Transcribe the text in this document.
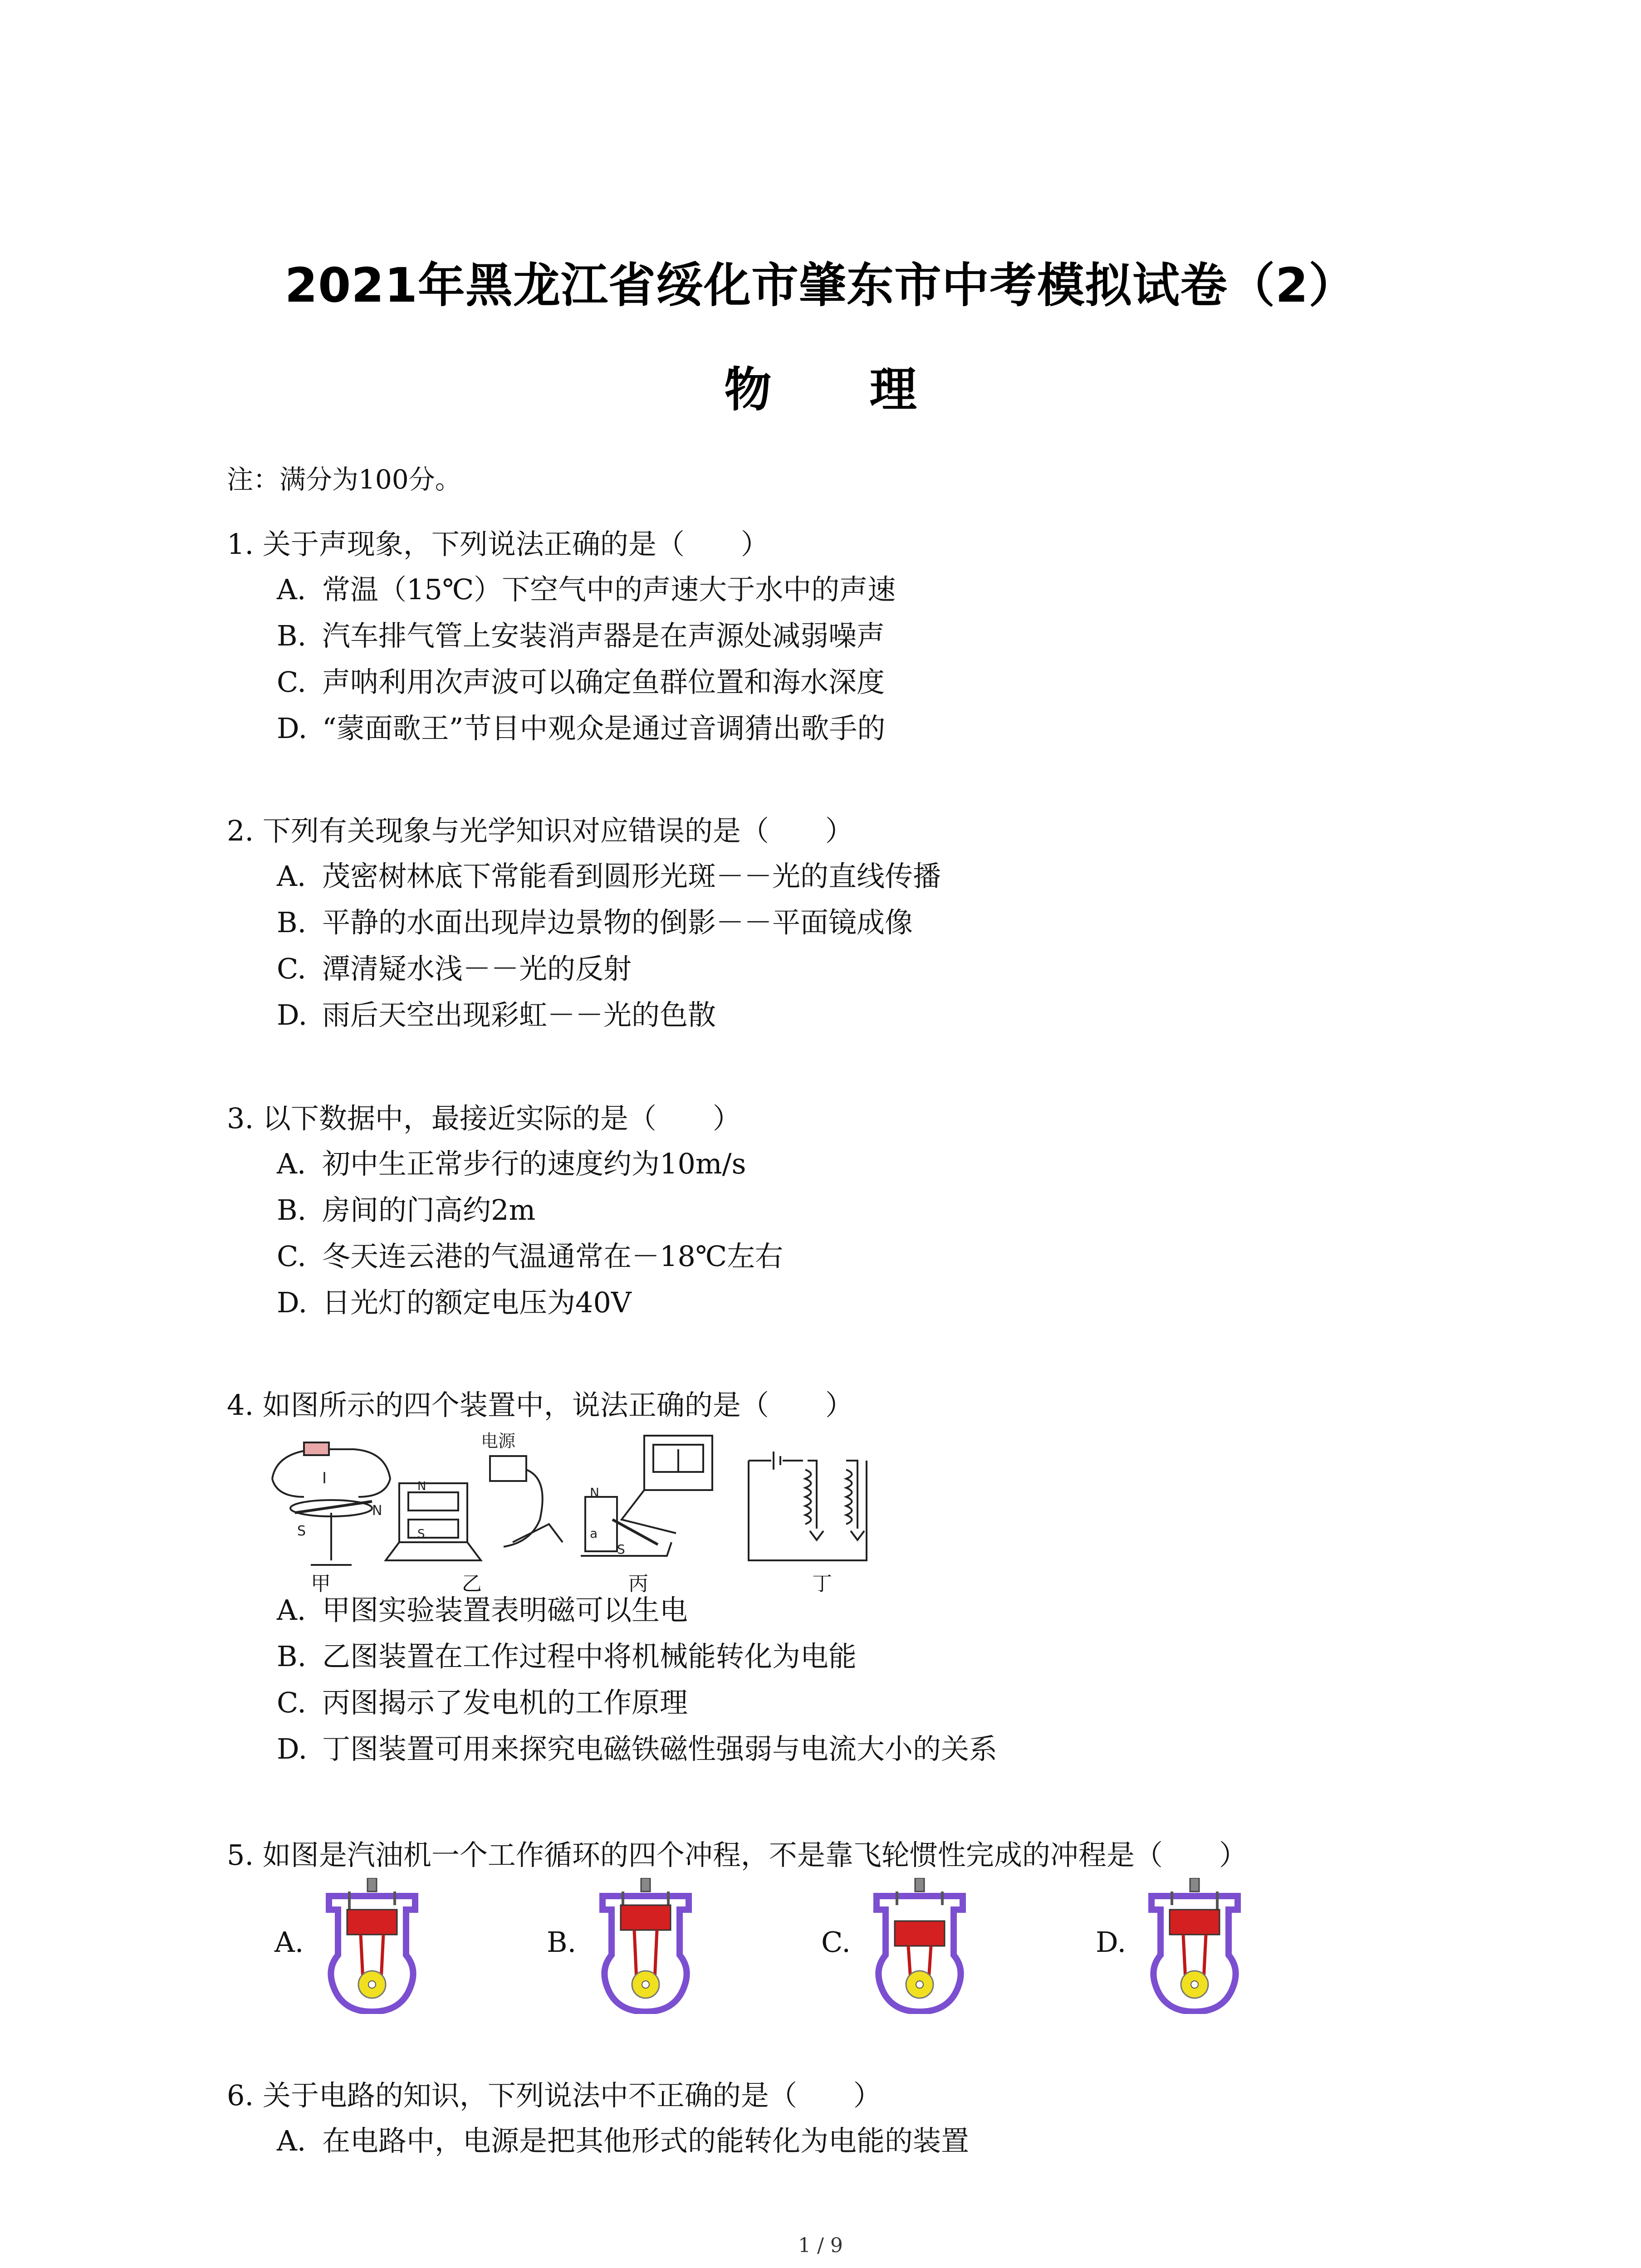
2021年黑龙江省绥化市肇东市中考模拟试卷（2）
物 理
注：满分为100分。
1. 关于声现象，下列说法正确的是（　　）
A. 常温（15℃）下空气中的声速大于水中的声速
B. 汽车排气管上安装消声器是在声源处减弱噪声
C. 声呐利用次声波可以确定鱼群位置和海水深度
D. “蒙面歌王”节目中观众是通过音调猜出歌手的
2. 下列有关现象与光学知识对应错误的是（　　）
A. 茂密树林底下常能看到圆形光斑－－光的直线传播
B. 平静的水面出现岸边景物的倒影－－平面镜成像
C. 潭清疑水浅－－光的反射
D. 雨后天空出现彩虹－－光的色散
3. 以下数据中，最接近实际的是（　　）
A. 初中生正常步行的速度约为10m/s
B. 房间的门高约2m
C. 冬天连云港的气温通常在－18℃左右
D. 日光灯的额定电压为40V
4. 如图所示的四个装置中，说法正确的是（　　）
I
N
S
电源
N
S
N
a
S
甲	乙	丙	丁
A. 甲图实验装置表明磁可以生电
B. 乙图装置在工作过程中将机械能转化为电能
C. 丙图揭示了发电机的工作原理
D. 丁图装置可用来探究电磁铁磁性强弱与电流大小的关系
5. 如图是汽油机一个工作循环的四个冲程，不是靠飞轮惯性完成的冲程是（　　）
A.	B.	C.	D.
6. 关于电路的知识，下列说法中不正确的是（　　）
A. 在电路中，电源是把其他形式的能转化为电能的装置
1 / 9
